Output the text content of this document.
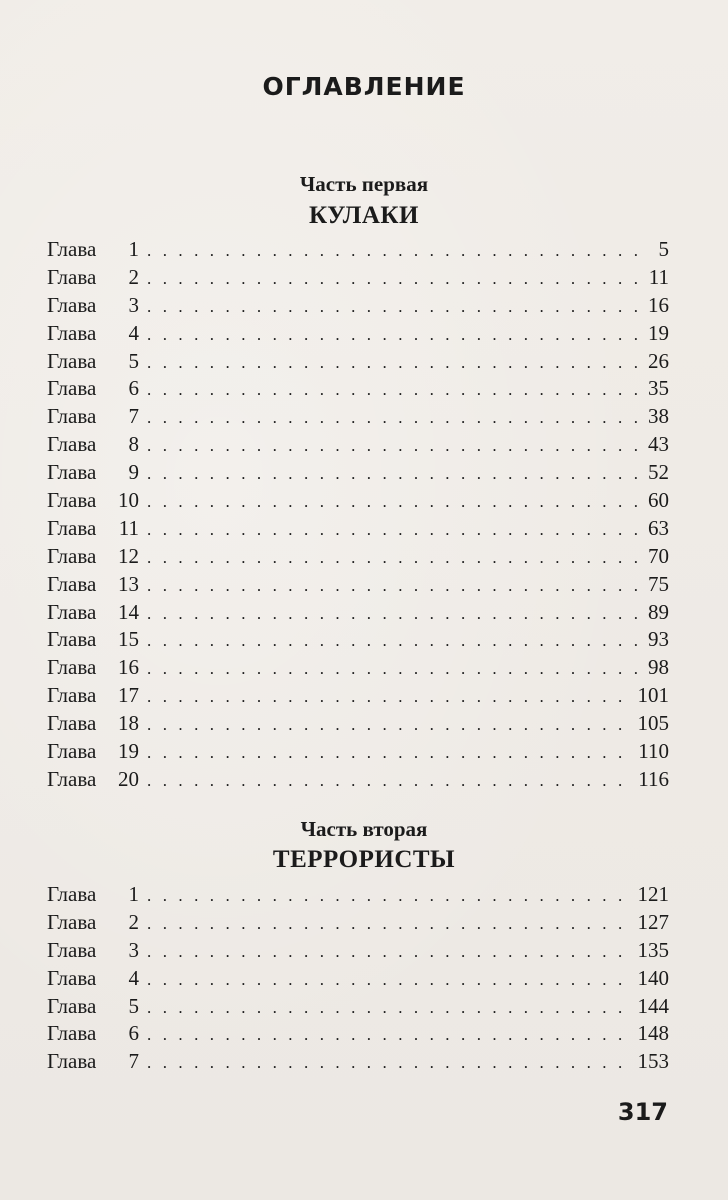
ОГЛАВЛЕНИЕ
Часть первая
КУЛАКИ
Глава	1 . . .	5
Глава	2 . . .	11
Глава	3 . . .	16
Глава	4 . . .	19
Глава	5 . . .	26
Глава	6 . . .	35
Глава	7 . . .	38
Глава	8 . . .	43
Глава	9 . . .	52
Глава	10 . . .	60
Глава	11 . . .	63
Глава	12 . . .	70
Глава	13 . . .	75
Глава	14 . . .	89
Глава	15 . . .	93
Глава	16 . . .	98
Глава	17 . . .	101
Глава	18 . . .	105
Глава	19 . . .	110
Глава	20 . . .	116
Часть вторая
ТЕРРОРИСТЫ
Глава	1 . . .	121
Глава	2 . . .	127
Глава	3 . . .	135
Глава	4 . . .	140
Глава	5 . . .	144
Глава	6 . . .	148
Глава	7 . . .	153
317
